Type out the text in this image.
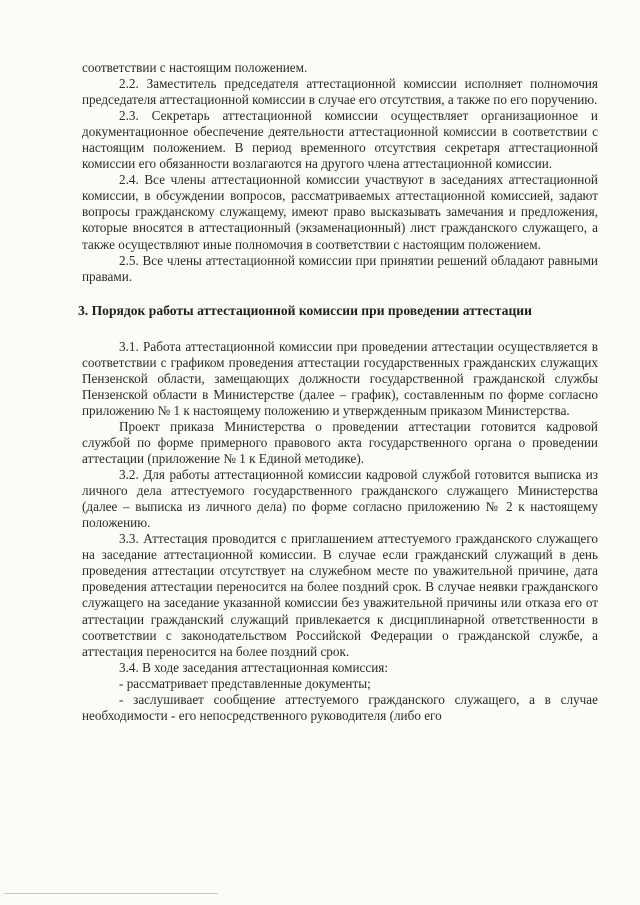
соответствии с настоящим положением.

2.2. Заместитель председателя аттестационной комиссии исполняет полномочия председателя аттестационной комиссии в случае его отсутствия, а также по его поручению.

2.3. Секретарь аттестационной комиссии осуществляет организационное и документационное обеспечение деятельности аттестационной комиссии в соответствии с настоящим положением. В период временного отсутствия секретаря аттестационной комиссии его обязанности возлагаются на другого члена аттестационной комиссии.

2.4. Все члены аттестационной комиссии участвуют в заседаниях аттестационной комиссии, в обсуждении вопросов, рассматриваемых аттестационной комиссией, задают вопросы гражданскому служащему, имеют право высказывать замечания и предложения, которые вносятся в аттестационный (экзаменационный) лист гражданского служащего, а также осуществляют иные полномочия в соответствии с настоящим положением.

2.5. Все члены аттестационной комиссии при принятии решений обладают равными правами.

3. Порядок работы аттестационной комиссии при проведении аттестации

3.1. Работа аттестационной комиссии при проведении аттестации осуществляется в соответствии с графиком проведения аттестации государственных гражданских служащих Пензенской области, замещающих должности государственной гражданской службы Пензенской области в Министерстве (далее – график), составленным по форме согласно приложению № 1 к настоящему положению и утвержденным приказом Министерства.

Проект приказа Министерства о проведении аттестации готовится кадровой службой по форме примерного правового акта государственного органа о проведении аттестации (приложение № 1 к Единой методике).

3.2. Для работы аттестационной комиссии кадровой службой готовится выписка из личного дела аттестуемого государственного гражданского служащего Министерства (далее – выписка из личного дела) по форме согласно приложению № 2 к настоящему положению.

3.3. Аттестация проводится с приглашением аттестуемого гражданского служащего на заседание аттестационной комиссии. В случае если гражданский служащий в день проведения аттестации отсутствует на служебном месте по уважительной причине, дата проведения аттестации переносится на более поздний срок. В случае неявки гражданского служащего на заседание указанной комиссии без уважительной причины или отказа его от аттестации гражданский служащий привлекается к дисциплинарной ответственности в соответствии с законодательством Российской Федерации о гражданской службе, а аттестация переносится на более поздний срок.

3.4. В ходе заседания аттестационная комиссия:

- рассматривает представленные документы;

- заслушивает сообщение аттестуемого гражданского служащего, а в случае необходимости - его непосредственного руководителя (либо его
